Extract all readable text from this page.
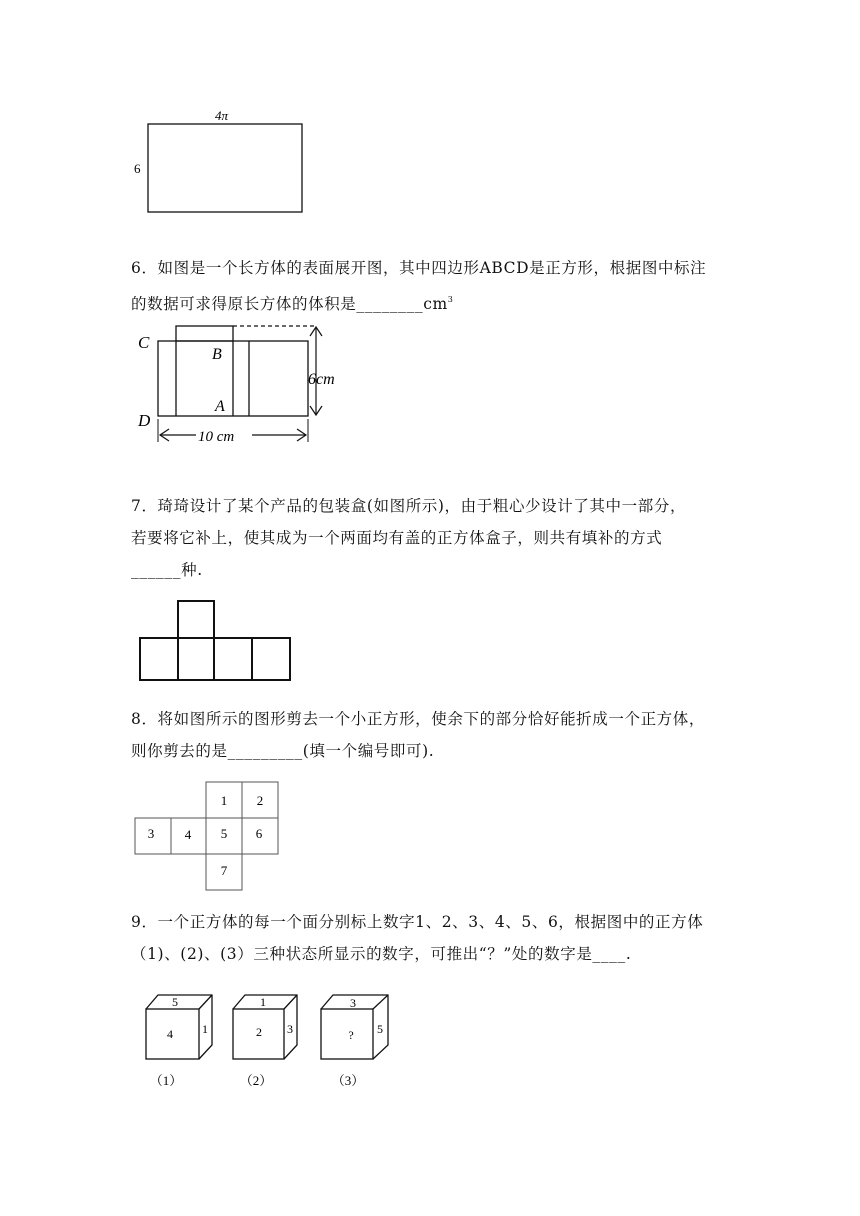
4π
6
6．如图是一个长方体的表面展开图，其中四边形ABCD是正方形，根据图中标注
的数据可求得原长方体的体积是$\_\_\_\_\_\_\_\_cm^3$
C
B
A
D
6cm
10 cm
7．琦琦设计了某个产品的包装盒(如图所示)，由于粗心少设计了其中一部分，
若要将它补上，使其成为一个两面均有盖的正方体盒子，则共有填补的方式
______种.
8．将如图所示的图形剪去一个小正方形，使余下的部分恰好能折成一个正方体，
则你剪去的是_________(填一个编号即可).
1 2
3 4 5 6
7
9．一个正方体的每一个面分别标上数字1、2、3、4、5、6，根据图中的正方体
（1)、(2)、(3）三种状态所显示的数字，可推出“？”处的数字是____.
5
4 1
1
2 3
3
? 5
（1）	（2）	（3）
